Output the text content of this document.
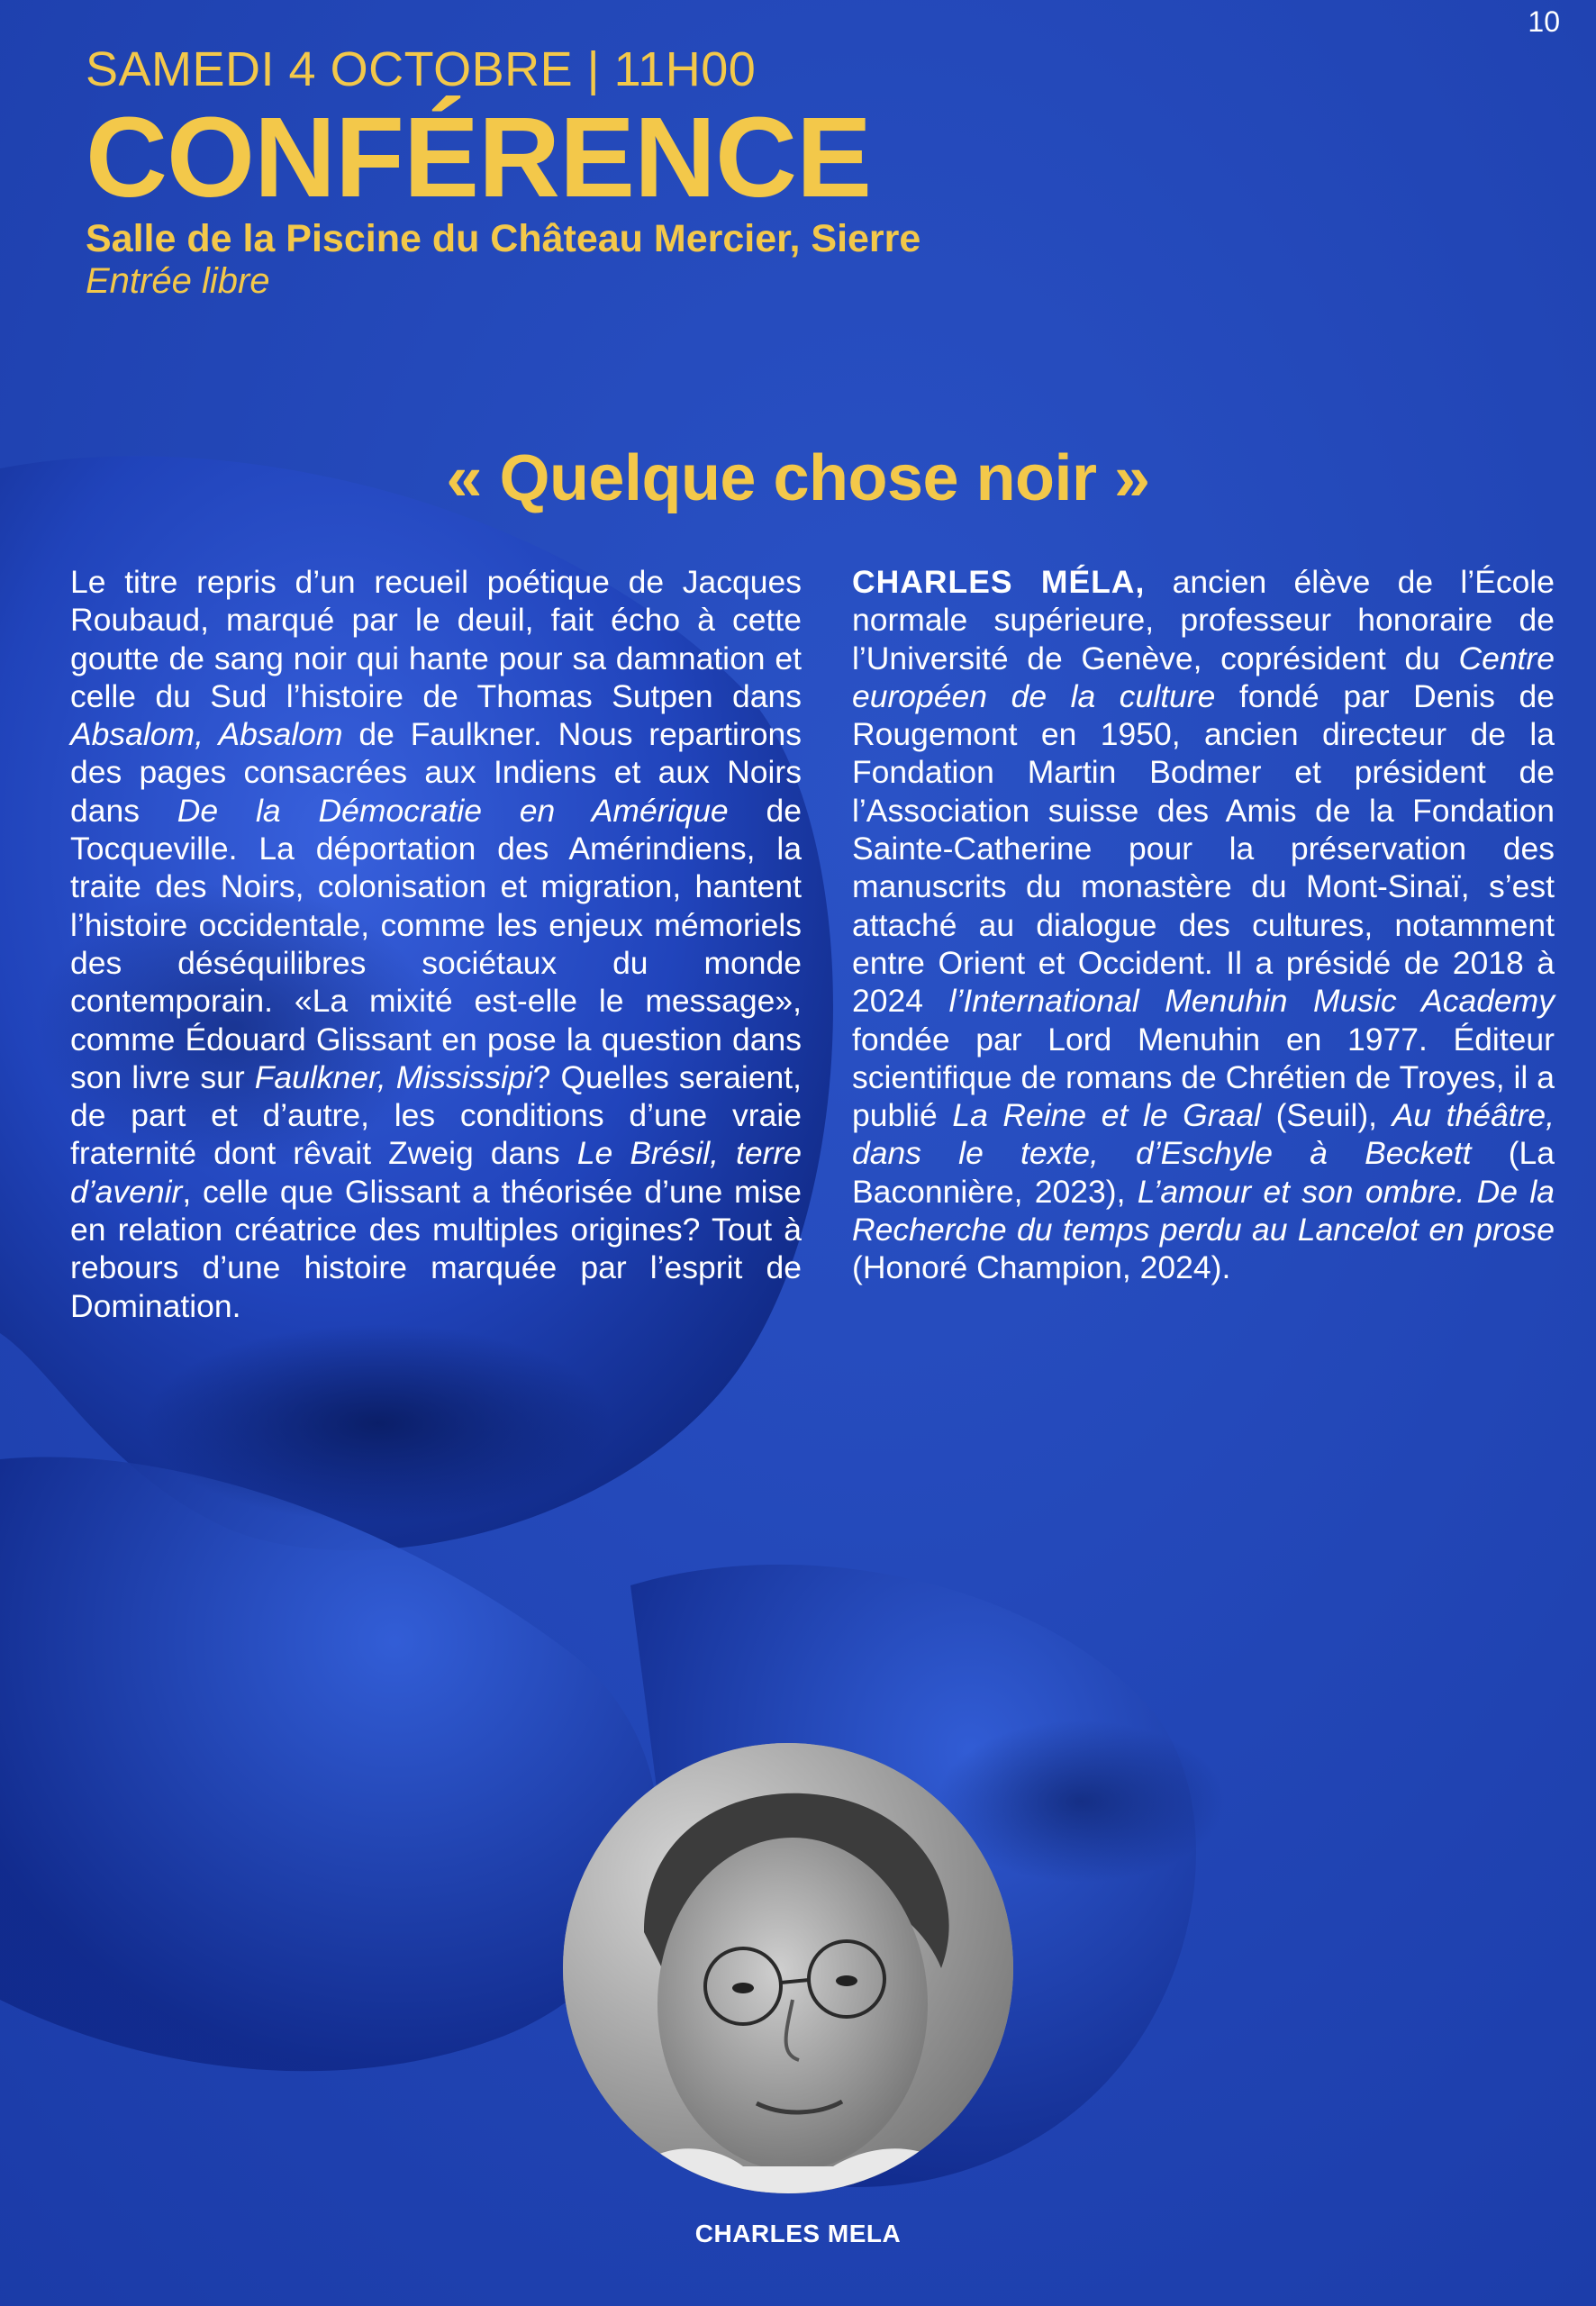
10
SAMEDI 4 OCTOBRE | 11H00
CONFÉRENCE
Salle de la Piscine du Château Mercier, Sierre
Entrée libre
« Quelque chose noir »
Le titre repris d’un recueil poétique de Jacques Roubaud, marqué par le deuil, fait écho à cette goutte de sang noir qui hante pour sa damnation et celle du Sud l’histoire de Thomas Sutpen dans Absalom, Absalom de Faulkner. Nous repartirons des pages consacrées aux Indiens et aux Noirs dans De la Démocratie en Amérique de Tocqueville. La déportation des Amérindiens, la traite des Noirs, colonisation et migration, hantent l’histoire occidentale, comme les enjeux mémoriels des déséquilibres sociétaux du monde contemporain. «La mixité est-elle le message», comme Édouard Glissant en pose la question dans son livre sur Faulkner, Mississipi? Quelles seraient, de part et d’autre, les conditions d’une vraie fraternité dont rêvait Zweig dans Le Brésil, terre d’avenir, celle que Glissant a théorisée d’une mise en relation créatrice des multiples origines? Tout à rebours d’une histoire marquée par l’esprit de Domination.
CHARLES MÉLA, ancien élève de l’École normale supérieure, professeur honoraire de l’Université de Genève, coprésident du Centre européen de la culture fondé par Denis de Rougemont en 1950, ancien directeur de la Fondation Martin Bodmer et président de l’Association suisse des Amis de la Fondation Sainte-Catherine pour la préservation des manuscrits du monastère du Mont-Sinaï, s’est attaché au dialogue des cultures, notamment entre Orient et Occident. Il a présidé de 2018 à 2024 l’International Menuhin Music Academy fondée par Lord Menuhin en 1977. Éditeur scientifique de romans de Chrétien de Troyes, il a publié La Reine et le Graal (Seuil), Au théâtre, dans le texte, d’Eschyle à Beckett (La Baconnière, 2023), L’amour et son ombre. De la Recherche du temps perdu au Lancelot en prose (Honoré Champion, 2024).
CHARLES MELA
